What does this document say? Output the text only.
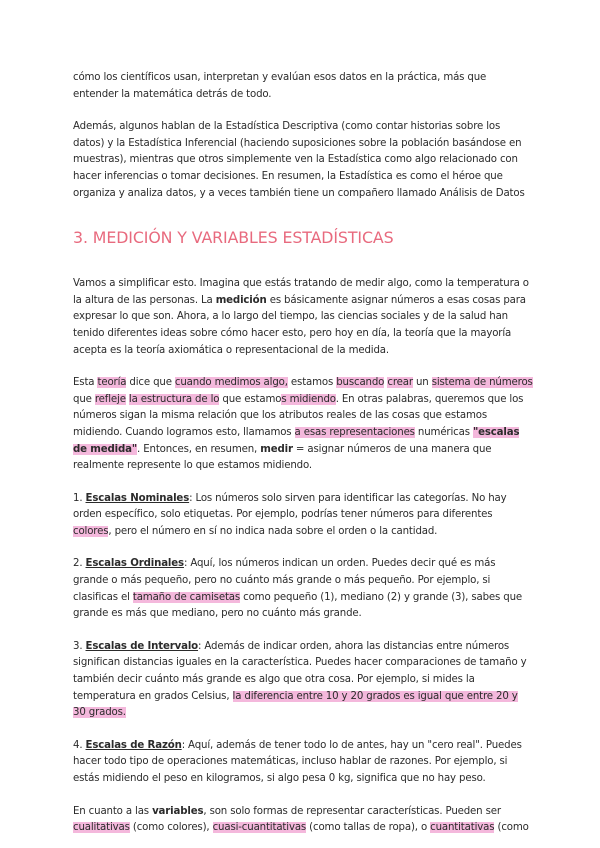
cómo los científicos usan, interpretan y evalúan esos datos en la práctica, más que entender la matemática detrás de todo.

Además, algunos hablan de la Estadística Descriptiva (como contar historias sobre los datos) y la Estadística Inferencial (haciendo suposiciones sobre la población basándose en muestras), mientras que otros simplemente ven la Estadística como algo relacionado con hacer inferencias o tomar decisiones. En resumen, la Estadística es como el héroe que organiza y analiza datos, y a veces también tiene un compañero llamado Análisis de Datos

3. MEDICIÓN Y VARIABLES ESTADÍSTICAS

Vamos a simplificar esto. Imagina que estás tratando de medir algo, como la temperatura o la altura de las personas. La medición es básicamente asignar números a esas cosas para expresar lo que son. Ahora, a lo largo del tiempo, las ciencias sociales y de la salud han tenido diferentes ideas sobre cómo hacer esto, pero hoy en día, la teoría que la mayoría acepta es la teoría axiomática o representacional de la medida.

Esta teoría dice que cuando medimos algo, estamos buscando crear un sistema de números que refleje la estructura de lo que estamos midiendo. En otras palabras, queremos que los números sigan la misma relación que los atributos reales de las cosas que estamos midiendo. Cuando logramos esto, llamamos a esas representaciones numéricas "escalas de medida". Entonces, en resumen, medir = asignar números de una manera que realmente represente lo que estamos midiendo.

1. Escalas Nominales: Los números solo sirven para identificar las categorías. No hay orden específico, solo etiquetas. Por ejemplo, podrías tener números para diferentes colores, pero el número en sí no indica nada sobre el orden o la cantidad.

2. Escalas Ordinales: Aquí, los números indican un orden. Puedes decir qué es más grande o más pequeño, pero no cuánto más grande o más pequeño. Por ejemplo, si clasificas el tamaño de camisetas como pequeño (1), mediano (2) y grande (3), sabes que grande es más que mediano, pero no cuánto más grande.

3. Escalas de Intervalo: Además de indicar orden, ahora las distancias entre números significan distancias iguales en la característica. Puedes hacer comparaciones de tamaño y también decir cuánto más grande es algo que otra cosa. Por ejemplo, si mides la temperatura en grados Celsius, la diferencia entre 10 y 20 grados es igual que entre 20 y 30 grados.

4. Escalas de Razón: Aquí, además de tener todo lo de antes, hay un "cero real". Puedes hacer todo tipo de operaciones matemáticas, incluso hablar de razones. Por ejemplo, si estás midiendo el peso en kilogramos, si algo pesa 0 kg, significa que no hay peso.

En cuanto a las variables, son solo formas de representar características. Pueden ser cualitativas (como colores), cuasi-cuantitativas (como tallas de ropa), o cuantitativas (como
